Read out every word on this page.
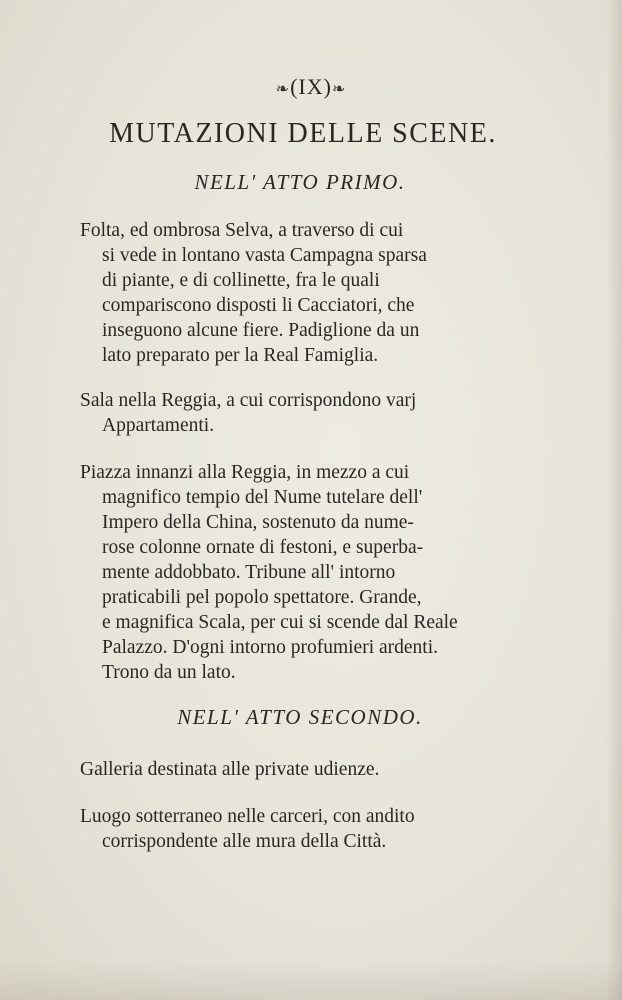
❧(IX)❧
MUTAZIONI DELLE SCENE.
NELL' ATTO PRIMO.
Folta, ed ombrosa Selva, a traverso di cui
si vede in lontano vasta Campagna sparsa
di piante, e di collinette, fra le quali
compariscono disposti li Cacciatori, che
inseguono alcune fiere. Padiglione da un
lato preparato per la Real Famiglia.
Sala nella Reggia, a cui corrispondono varj
Appartamenti.
Piazza innanzi alla Reggia, in mezzo a cui
magnifico tempio del Nume tutelare dell'
Impero della China, sostenuto da nume-
rose colonne ornate di festoni, e superba-
mente addobbato. Tribune all' intorno
praticabili pel popolo spettatore. Grande,
e magnifica Scala, per cui si scende dal Reale
Palazzo. D'ogni intorno profumieri ardenti.
Trono da un lato.
NELL' ATTO SECONDO.
Galleria destinata alle private udienze.
Luogo sotterraneo nelle carceri, con andito
corrispondente alle mura della Città.
